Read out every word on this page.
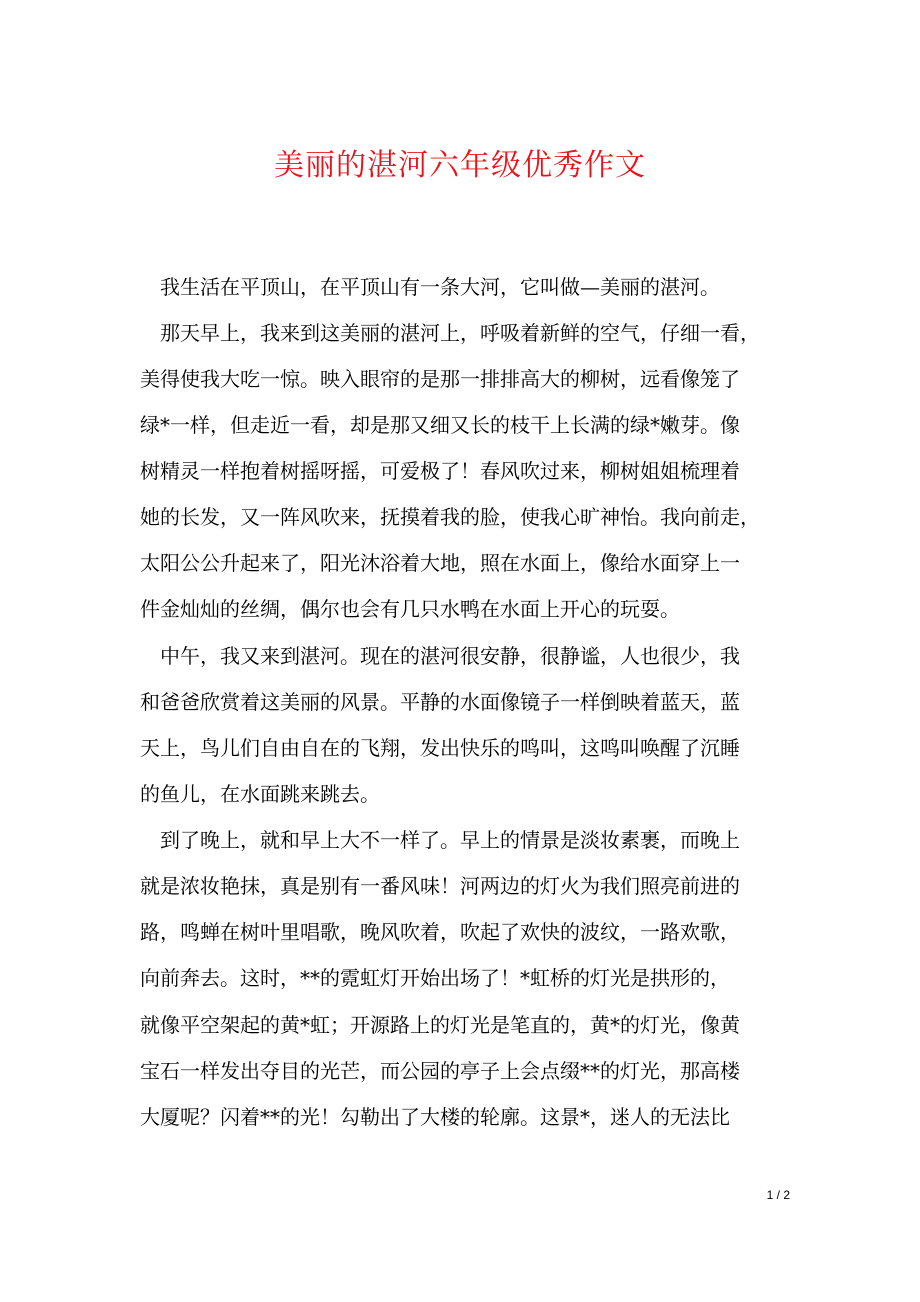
美丽的湛河六年级优秀作文

　我生活在平顶山，在平顶山有一条大河，它叫做—美丽的湛河。

　那天早上，我来到这美丽的湛河上，呼吸着新鲜的空气，仔细一看，

美得使我大吃一惊。映入眼帘的是那一排排高大的柳树，远看像笼了

绿*一样，但走近一看，却是那又细又长的枝干上长满的绿*嫩芽。像

树精灵一样抱着树摇呀摇，可爱极了！春风吹过来，柳树姐姐梳理着

她的长发，又一阵风吹来，抚摸着我的脸，使我心旷神怡。我向前走，

太阳公公升起来了，阳光沐浴着大地，照在水面上，像给水面穿上一

件金灿灿的丝绸，偶尔也会有几只水鸭在水面上开心的玩耍。

　中午，我又来到湛河。现在的湛河很安静，很静谧，人也很少，我

和爸爸欣赏着这美丽的风景。平静的水面像镜子一样倒映着蓝天，蓝

天上，鸟儿们自由自在的飞翔，发出快乐的鸣叫，这鸣叫唤醒了沉睡

的鱼儿，在水面跳来跳去。

　到了晚上，就和早上大不一样了。早上的情景是淡妆素裹，而晚上

就是浓妆艳抹，真是别有一番风味！河两边的灯火为我们照亮前进的

路，鸣蝉在树叶里唱歌，晚风吹着，吹起了欢快的波纹，一路欢歌，

向前奔去。这时，**的霓虹灯开始出场了！*虹桥的灯光是拱形的，

就像平空架起的黄*虹；开源路上的灯光是笔直的，黄*的灯光，像黄

宝石一样发出夺目的光芒，而公园的亭子上会点缀**的灯光，那高楼

大厦呢？闪着**的光！勾勒出了大楼的轮廓。这景*，迷人的无法比

1 / 2
